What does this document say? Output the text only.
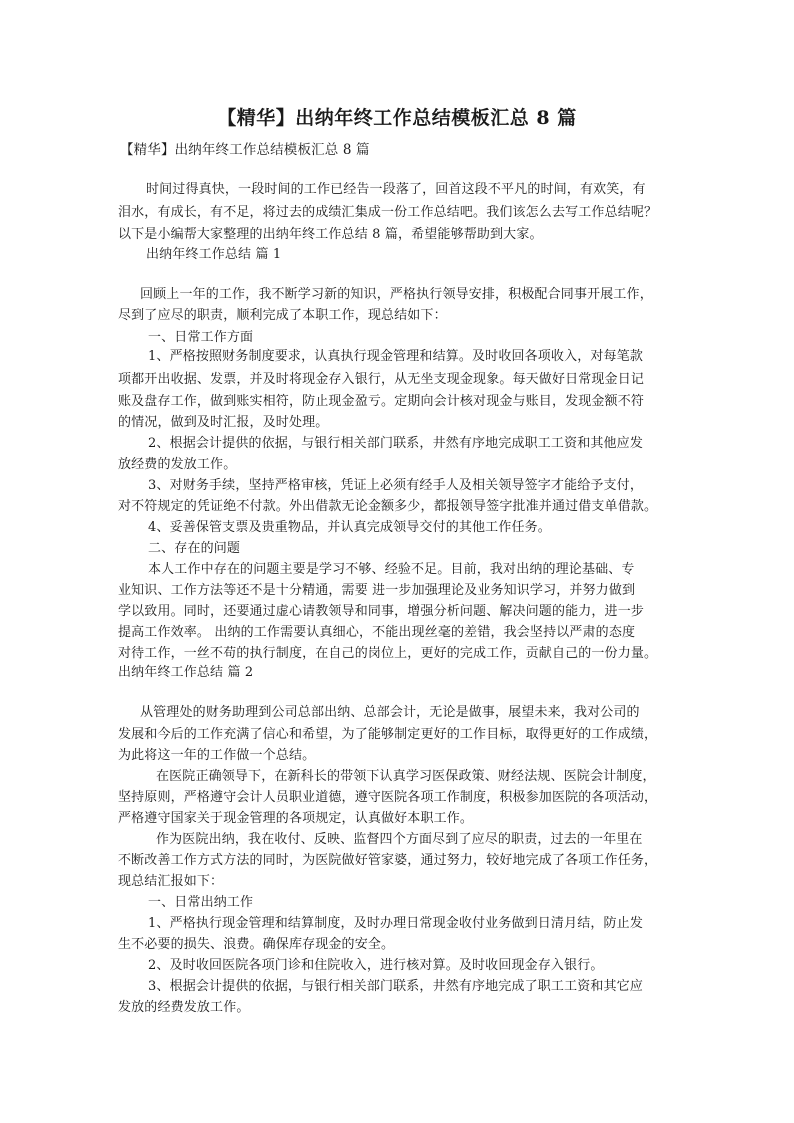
【精华】出纳年终工作总结模板汇总 8 篇
【精华】出纳年终工作总结模板汇总 8 篇
时间过得真快，一段时间的工作已经告一段落了，回首这段不平凡的时间，有欢笑，有
泪水，有成长，有不足，将过去的成绩汇集成一份工作总结吧。我们该怎么去写工作总结呢？
以下是小编帮大家整理的出纳年终工作总结 8 篇，希望能够帮助到大家。
出纳年终工作总结 篇 1
回顾上一年的工作，我不断学习新的知识，严格执行领导安排，积极配合同事开展工作，
尽到了应尽的职责，顺利完成了本职工作，现总结如下：
一、日常工作方面
1、严格按照财务制度要求，认真执行现金管理和结算。及时收回各项收入，对每笔款
项都开出收据、发票，并及时将现金存入银行，从无坐支现金现象。每天做好日常现金日记
账及盘存工作，做到账实相符，防止现金盈亏。定期向会计核对现金与账目，发现金额不符
的情况，做到及时汇报，及时处理。
2、根据会计提供的依据，与银行相关部门联系，井然有序地完成职工工资和其他应发
放经费的发放工作。
3、对财务手续，坚持严格审核，凭证上必须有经手人及相关领导签字才能给予支付，
对不符规定的凭证绝不付款。外出借款无论金额多少，都报领导签字批准并通过借支单借款。
4、妥善保管支票及贵重物品，并认真完成领导交付的其他工作任务。
二、存在的问题
本人工作中存在的问题主要是学习不够、经验不足。目前，我对出纳的理论基础、专
业知识、工作方法等还不是十分精通，需要 进一步加强理论及业务知识学习，并努力做到
学以致用。同时，还要通过虚心请教领导和同事，增强分析问题、解决问题的能力，进一步
提高工作效率。 出纳的工作需要认真细心，不能出现丝毫的差错，我会坚持以严肃的态度
对待工作，一丝不苟的执行制度，在自己的岗位上，更好的完成工作，贡献自己的一份力量。
出纳年终工作总结 篇 2
从管理处的财务助理到公司总部出纳、总部会计，无论是做事，展望未来，我对公司的
发展和今后的工作充满了信心和希望，为了能够制定更好的工作目标，取得更好的工作成绩，
为此将这一年的工作做一个总结。
在医院正确领导下，在新科长的带领下认真学习医保政策、财经法规、医院会计制度，
坚持原则，严格遵守会计人员职业道德，遵守医院各项工作制度，积极参加医院的各项活动，
严格遵守国家关于现金管理的各项规定，认真做好本职工作。
作为医院出纳，我在收付、反映、监督四个方面尽到了应尽的职责，过去的一年里在
不断改善工作方式方法的同时，为医院做好管家婆，通过努力，较好地完成了各项工作任务，
现总结汇报如下：
一、日常出纳工作
1、严格执行现金管理和结算制度，及时办理日常现金收付业务做到日清月结，防止发
生不必要的损失、浪费。确保库存现金的安全。
2、及时收回医院各项门诊和住院收入，进行核对算。及时收回现金存入银行。
3、根据会计提供的依据，与银行相关部门联系，井然有序地完成了职工工资和其它应
发放的经费发放工作。
